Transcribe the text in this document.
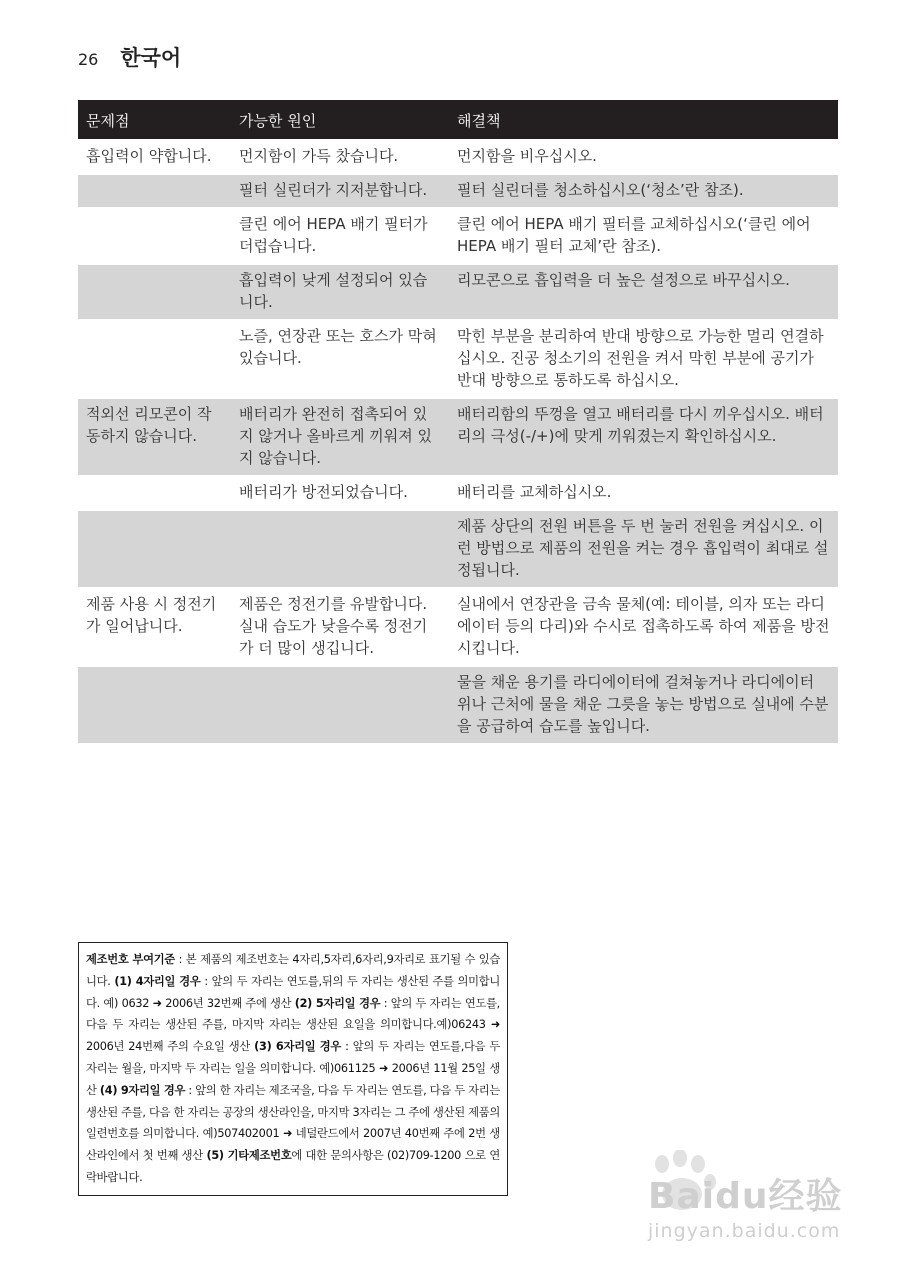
26 한국어
문제점	가능한 원인	해결책
흡입력이 약합니다.	먼지함이 가득 찼습니다.	먼지함을 비우십시오.
	필터 실린더가 지저분합니다.	필터 실린더를 청소하십시오(‘청소’란 참조).
	클린 에어 HEPA 배기 필터가 더럽습니다.	클린 에어 HEPA 배기 필터를 교체하십시오(‘클린 에어 HEPA 배기 필터 교체’란 참조).
	흡입력이 낮게 설정되어 있습니다.	리모콘으로 흡입력을 더 높은 설정으로 바꾸십시오.
	노즐, 연장관 또는 호스가 막혀 있습니다.	막힌 부분을 분리하여 반대 방향으로 가능한 멀리 연결하십시오. 진공 청소기의 전원을 켜서 막힌 부분에 공기가 반대 방향으로 통하도록 하십시오.
적외선 리모콘이 작동하지 않습니다.	배터리가 완전히 접촉되어 있지 않거나 올바르게 끼워져 있지 않습니다.	배터리함의 뚜껑을 열고 배터리를 다시 끼우십시오. 배터리의 극성(-/+)에 맞게 끼워졌는지 확인하십시오.
	배터리가 방전되었습니다.	배터리를 교체하십시오.
		제품 상단의 전원 버튼을 두 번 눌러 전원을 켜십시오. 이런 방법으로 제품의 전원을 켜는 경우 흡입력이 최대로 설정됩니다.
제품 사용 시 정전기가 일어납니다.	제품은 정전기를 유발합니다. 실내 습도가 낮을수록 정전기가 더 많이 생깁니다.	실내에서 연장관을 금속 물체(예: 테이블, 의자 또는 라디에이터 등의 다리)와 수시로 접촉하도록 하여 제품을 방전시킵니다.
		물을 채운 용기를 라디에이터에 걸쳐놓거나 라디에이터 위나 근처에 물을 채운 그릇을 놓는 방법으로 실내에 수분을 공급하여 습도를 높입니다.
제조번호 부여기준 : 본 제품의 제조번호는 4자리,5자리,6자리,9자리로 표기될 수 있습니다. (1) 4자리일 경우 : 앞의 두 자리는 연도를,뒤의 두 자리는 생산된 주를 의미합니다. 예) 0632 ➜ 2006년 32번째 주에 생산 (2) 5자리일 경우 : 앞의 두 자리는 연도를,다음 두 자리는 생산된 주를, 마지막 자리는 생산된 요일을 의미합니다.예)06243 ➜ 2006년 24번째 주의 수요일 생산 (3) 6자리일 경우 : 앞의 두 자리는 연도를,다음 두 자리는 월을, 마지막 두 자리는 일을 의미합니다. 예)061125 ➜ 2006년 11월 25일 생산 (4) 9자리일 경우 : 앞의 한 자리는 제조국을, 다음 두 자리는 연도를, 다음 두 자리는 생산된 주를, 다음 한 자리는 공장의 생산라인을, 마지막 3자리는 그 주에 생산된 제품의 일련번호를 의미합니다. 예)507402001 ➜ 네덜란드에서 2007년 40번째 주에 2번 생산라인에서 첫 번째 생산 (5) 기타제조번호에 대한 문의사항은 (02)709-1200 으로 연락바랍니다.	Baidu经验
jingyan.baidu.com
